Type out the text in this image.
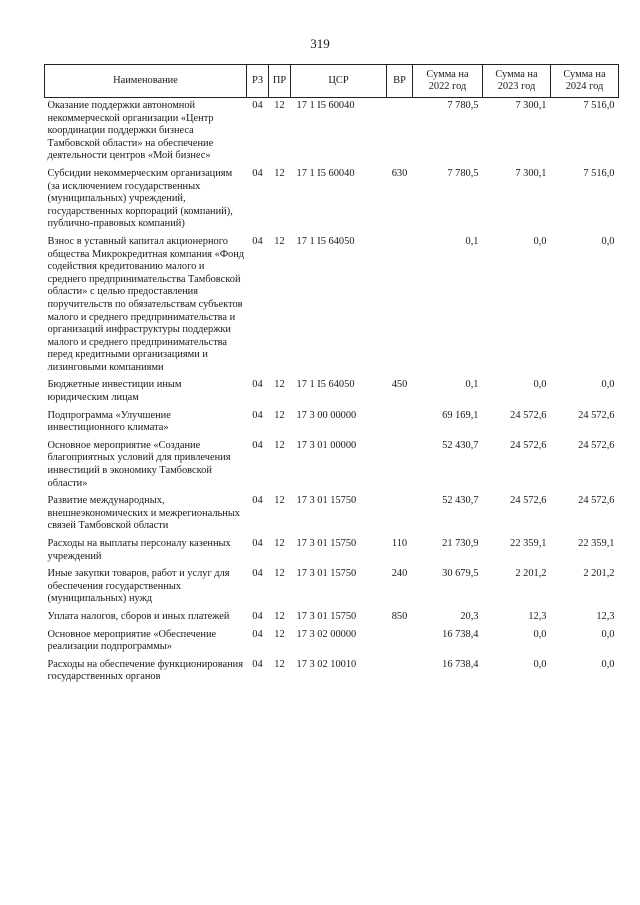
319
Наименование	РЗ	ПР	ЦСР	ВР	Сумма на 2022 год	Сумма на 2023 год	Сумма на 2024 год
Оказание поддержки автономной некоммерческой организации «Центр координации поддержки бизнеса Тамбовской области» на обеспечение деятельности центров «Мой бизнес»	04	12	17 1 I5 60040		7 780,5	7 300,1	7 516,0
Субсидии некоммерческим организациям (за исключением государственных (муниципальных) учреждений, государственных корпораций (компаний), публично-правовых компаний)	04	12	17 1 I5 60040	630	7 780,5	7 300,1	7 516,0
Взнос в уставный капитал акционерного общества Микрокредитная компания «Фонд содействия кредитованию малого и среднего предпринимательства Тамбовской области» с целью предоставления поручительств по обязательствам субъектов малого и среднего предпринимательства и организаций инфраструктуры поддержки малого и среднего предпринимательства перед кредитными организациями и лизинговыми компаниями	04	12	17 1 I5 64050		0,1	0,0	0,0
Бюджетные инвестиции иным юридическим лицам	04	12	17 1 I5 64050	450	0,1	0,0	0,0
Подпрограмма «Улучшение инвестиционного климата»	04	12	17 3 00 00000		69 169,1	24 572,6	24 572,6
Основное мероприятие «Создание благоприятных условий для привлечения инвестиций в экономику Тамбовской области»	04	12	17 3 01 00000		52 430,7	24 572,6	24 572,6
Развитие международных, внешнеэкономических и межрегиональных связей Тамбовской области	04	12	17 3 01 15750		52 430,7	24 572,6	24 572,6
Расходы на выплаты персоналу казенных учреждений	04	12	17 3 01 15750	110	21 730,9	22 359,1	22 359,1
Иные закупки товаров, работ и услуг для обеспечения государственных (муниципальных) нужд	04	12	17 3 01 15750	240	30 679,5	2 201,2	2 201,2
Уплата налогов, сборов и иных платежей	04	12	17 3 01 15750	850	20,3	12,3	12,3
Основное мероприятие «Обеспечение реализации подпрограммы»	04	12	17 3 02 00000		16 738,4	0,0	0,0
Расходы на обеспечение функционирования государственных органов	04	12	17 3 02 10010		16 738,4	0,0	0,0
